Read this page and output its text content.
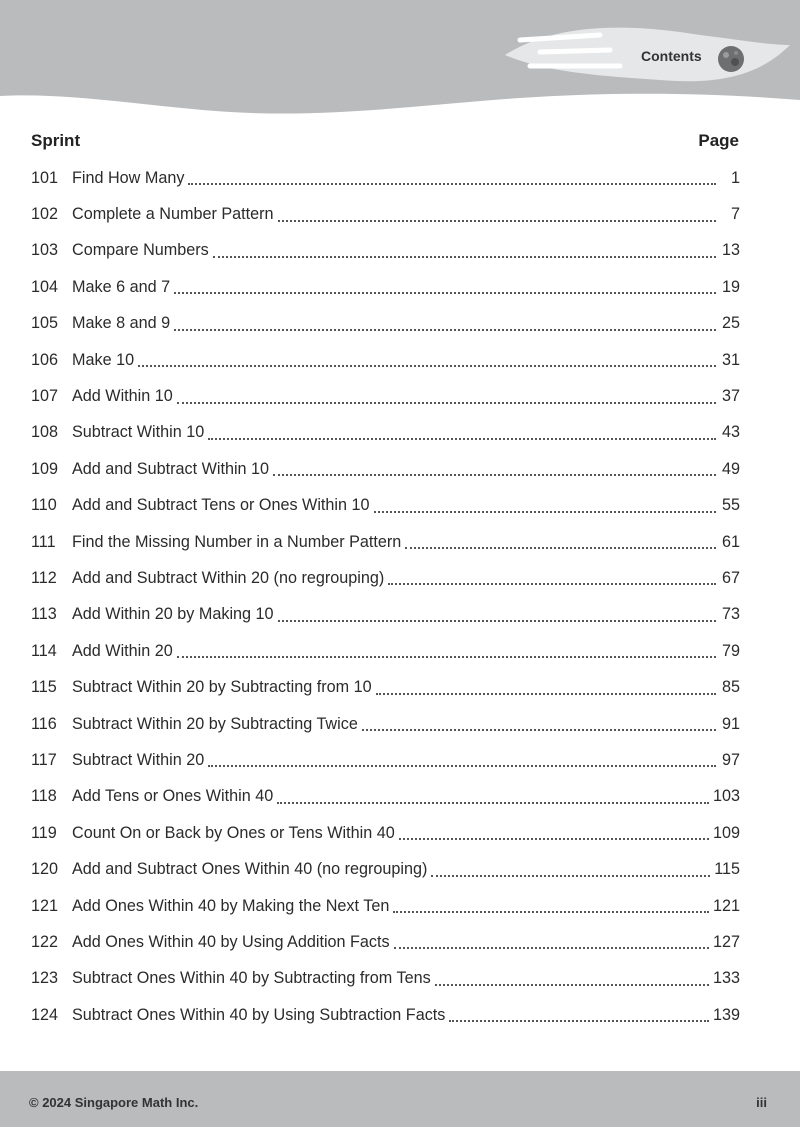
Contents
Sprint	Page
101 Find How Many	1
102 Complete a Number Pattern	7
103 Compare Numbers	13
104 Make 6 and 7	19
105 Make 8 and 9	25
106 Make 10	31
107 Add Within 10	37
108 Subtract Within 10	43
109 Add and Subtract Within 10	49
110 Add and Subtract Tens or Ones Within 10	55
111	Find the Missing Number in a Number Pattern	61
112 Add and Subtract Within 20 (no regrouping)	67
113 Add Within 20 by Making 10	73
114 Add Within 20	79
115 Subtract Within 20 by Subtracting from 10	85
116 Subtract Within 20 by Subtracting Twice	91
117 Subtract Within 20	97
118 Add Tens or Ones Within 40	103
119 Count On or Back by Ones or Tens Within 40	109
120 Add and Subtract Ones Within 40 (no regrouping)	115
121 Add Ones Within 40 by Making the Next Ten	121
122 Add Ones Within 40 by Using Addition Facts	127
123 Subtract Ones Within 40 by Subtracting from Tens	133
124 Subtract Ones Within 40 by Using Subtraction Facts	139
© 2024 Singapore Math Inc.	iii
